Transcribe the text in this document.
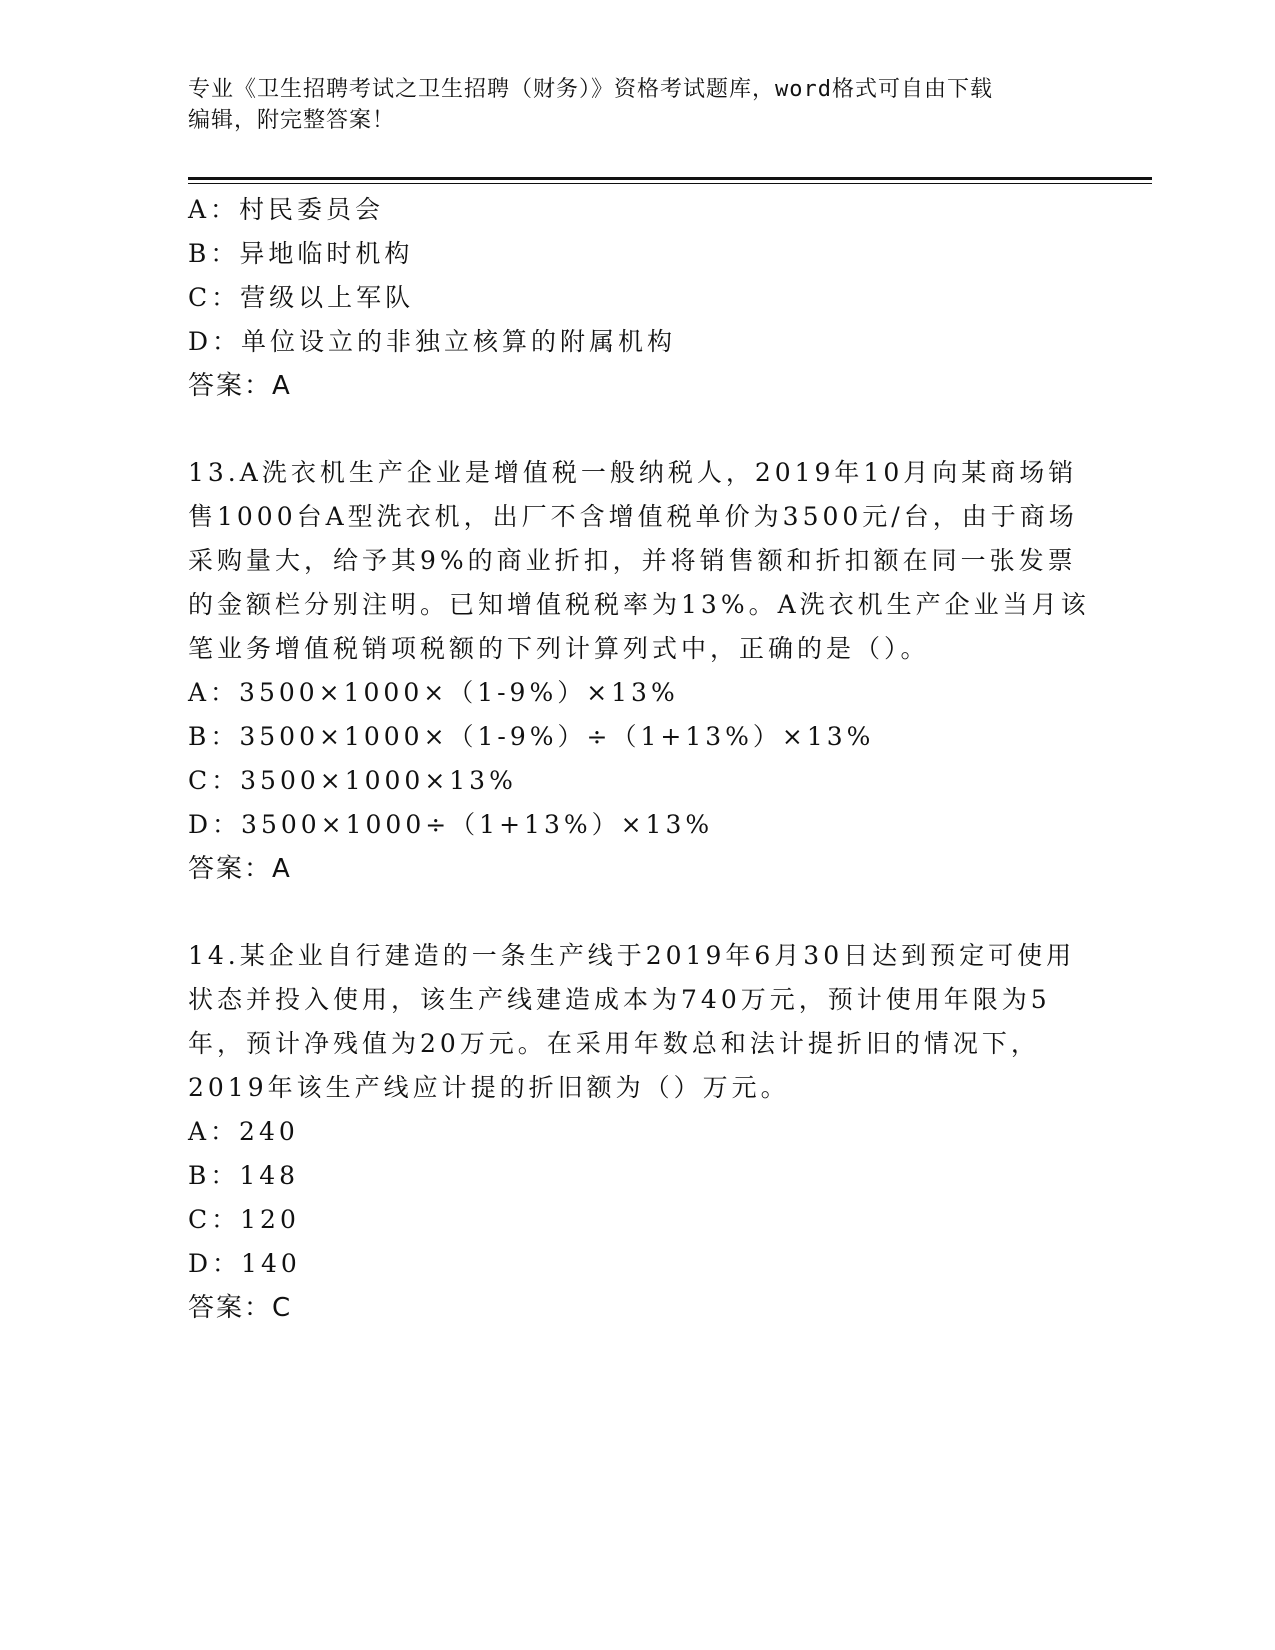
专业《卫生招聘考试之卫生招聘（财务）》资格考试题库，word格式可自由下载
编辑，附完整答案！
A：村民委员会
B：异地临时机构
C：营级以上军队
D：单位设立的非独立核算的附属机构
答案：A
13.A洗衣机生产企业是增值税一般纳税人，2019年10月向某商场销
售1000台A型洗衣机，出厂不含增值税单价为3500元/台，由于商场
采购量大，给予其9%的商业折扣，并将销售额和折扣额在同一张发票
的金额栏分别注明。已知增值税税率为13%。A洗衣机生产企业当月该
笔业务增值税销项税额的下列计算列式中，正确的是（）。
A：3500×1000×（1-9%）×13%
B：3500×1000×（1-9%）÷（1+13%）×13%
C：3500×1000×13%
D：3500×1000÷（1+13%）×13%
答案：A
14.某企业自行建造的一条生产线于2019年6月30日达到预定可使用
状态并投入使用，该生产线建造成本为740万元，预计使用年限为5
年，预计净残值为20万元。在采用年数总和法计提折旧的情况下，
2019年该生产线应计提的折旧额为（）万元。
A：240
B：148
C：120
D：140
答案：C
